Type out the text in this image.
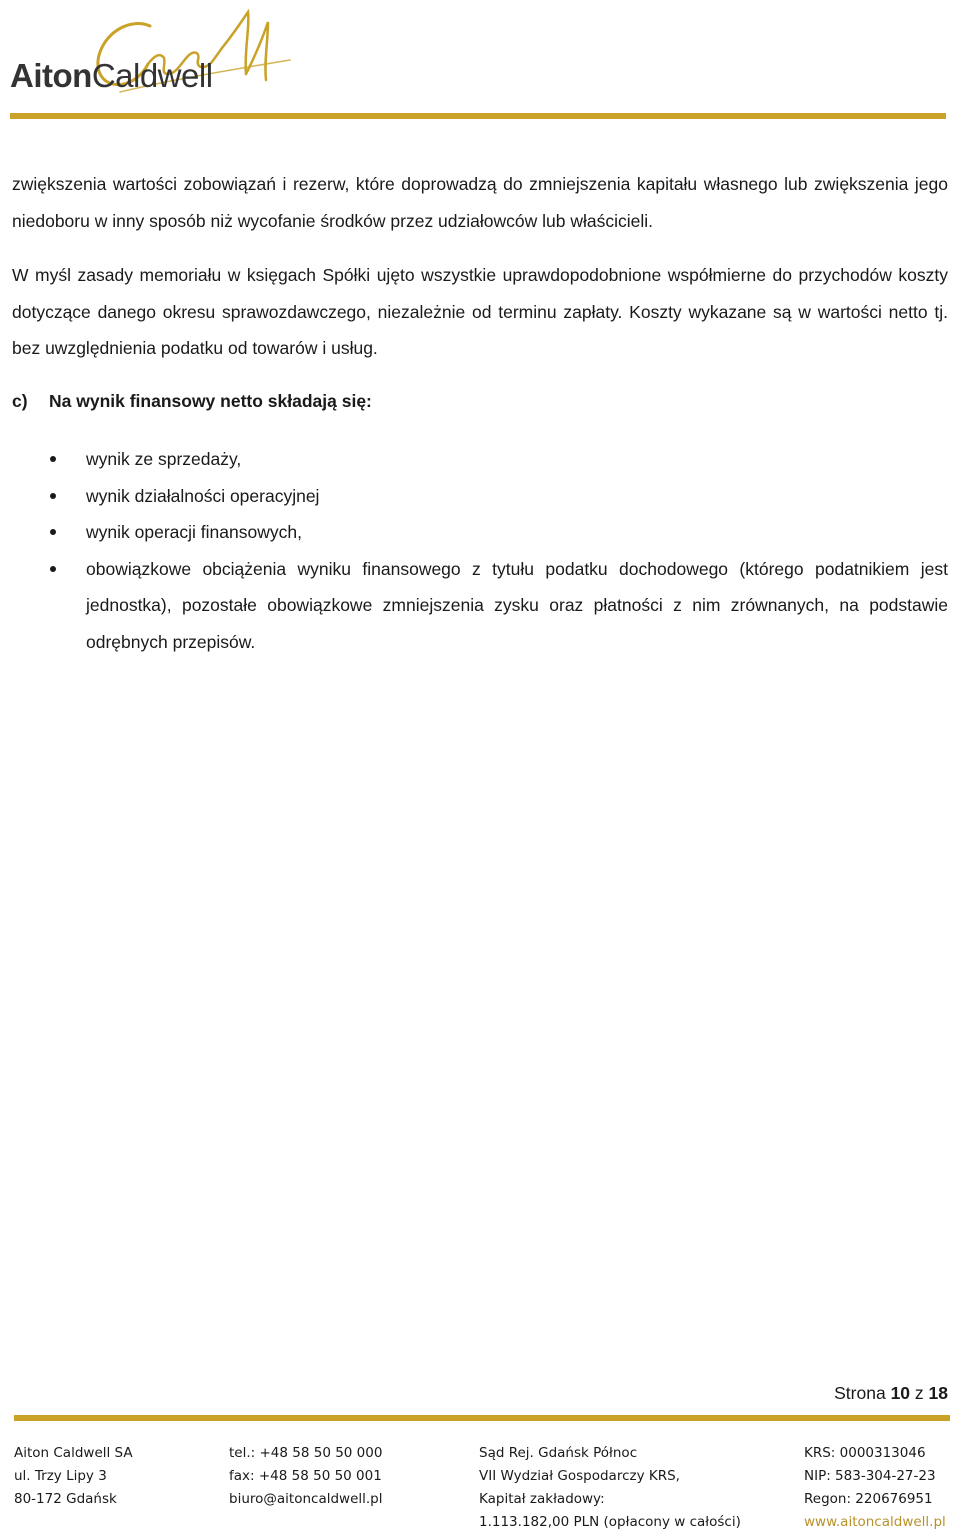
AitonCaldwell

zwiększenia wartości zobowiązań i rezerw, które doprowadzą do zmniejszenia kapitału własnego lub zwiększenia jego niedoboru w inny sposób niż wycofanie środków przez udziałowców lub właścicieli.

W myśl zasady memoriału w księgach Spółki ujęto wszystkie uprawdopodobnione współmierne do przychodów koszty dotyczące danego okresu sprawozdawczego, niezależnie od terminu zapłaty. Koszty wykazane są w wartości netto tj. bez uwzględnienia podatku od towarów i usług.

c) Na wynik finansowy netto składają się:
wynik ze sprzedaży,
wynik działalności operacyjnej
wynik operacji finansowych,
obowiązkowe obciążenia wyniku finansowego z tytułu podatku dochodowego (którego podatnikiem jest jednostka), pozostałe obowiązkowe zmniejszenia zysku oraz płatności z nim zrównanych, na podstawie odrębnych przepisów.
Strona 10 z 18
Aiton Caldwell SA
ul. Trzy Lipy 3
80-172 Gdańsk
tel.: +48 58 50 50 000
fax: +48 58 50 50 001
biuro@aitoncaldwell.pl
Sąd Rej. Gdańsk Północ
VII Wydział Gospodarczy KRS,
Kapitał zakładowy:
1.113.182,00 PLN (opłacony w całości)
KRS: 0000313046
NIP: 583-304-27-23
Regon: 220676951
www.aitoncaldwell.pl
